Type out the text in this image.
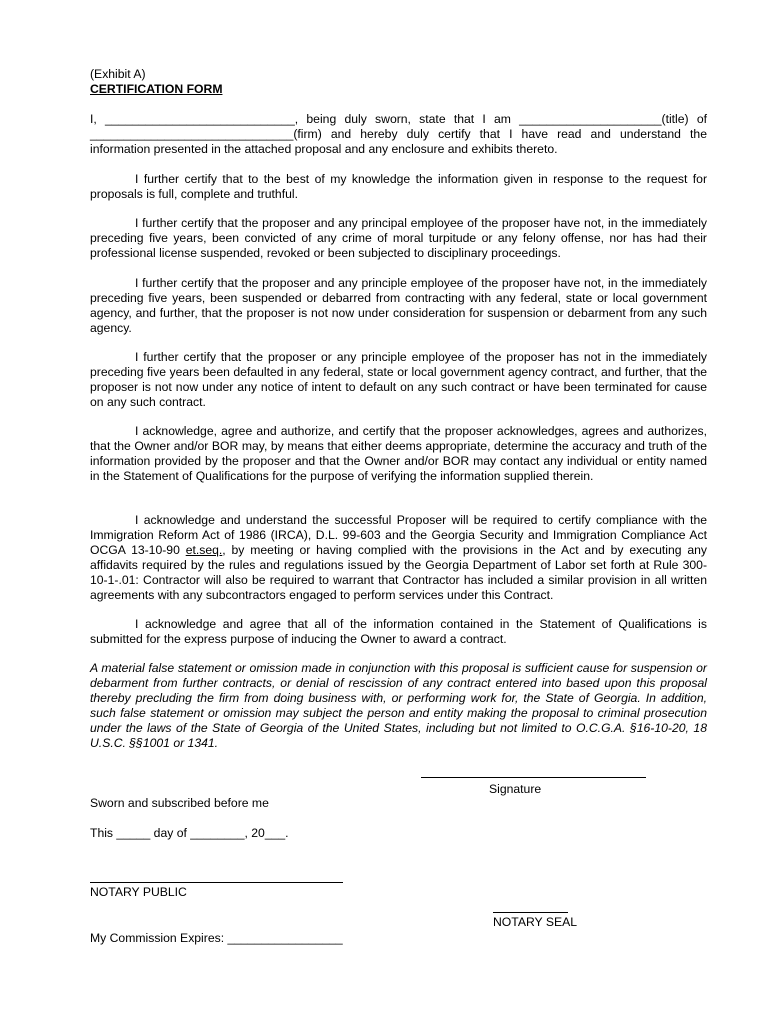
(Exhibit A)
CERTIFICATION FORM

I, ____________________________, being duly sworn, state that I am _____________________(title) of ______________________________(firm) and hereby duly certify that I have read and understand the information presented in the attached proposal and any enclosure and exhibits thereto.

I further certify that to the best of my knowledge the information given in response to the request for proposals is full, complete and truthful.

I further certify that the proposer and any principal employee of the proposer have not, in the immediately preceding five years, been convicted of any crime of moral turpitude or any felony offense, nor has had their professional license suspended, revoked or been subjected to disciplinary proceedings.

I further certify that the proposer and any principle employee of the proposer have not, in the immediately preceding five years, been suspended or debarred from contracting with any federal, state or local government agency, and further, that the proposer is not now under consideration for suspension or debarment from any such agency.

I further certify that the proposer or any principle employee of the proposer has not in the immediately preceding five years been defaulted in any federal, state or local government agency contract, and further, that the proposer is not now under any notice of intent to default on any such contract or have been terminated for cause on any such contract.

I acknowledge, agree and authorize, and certify that the proposer acknowledges, agrees and authorizes, that the Owner and/or BOR may, by means that either deems appropriate, determine the accuracy and truth of the information provided by the proposer and that the Owner and/or BOR may contact any individual or entity named in the Statement of Qualifications for the purpose of verifying the information supplied therein.

I acknowledge and understand the successful Proposer will be required to certify compliance with the Immigration Reform Act of 1986 (IRCA), D.L. 99-603 and the Georgia Security and Immigration Compliance Act OCGA 13-10-90 et.seq., by meeting or having complied with the provisions in the Act and by executing any affidavits required by the rules and regulations issued by the Georgia Department of Labor set forth at Rule 300-10-1-.01: Contractor will also be required to warrant that Contractor has included a similar provision in all written agreements with any subcontractors engaged to perform services under this Contract.

I acknowledge and agree that all of the information contained in the Statement of Qualifications is submitted for the express purpose of inducing the Owner to award a contract.

A material false statement or omission made in conjunction with this proposal is sufficient cause for suspension or debarment from further contracts, or denial of rescission of any contract entered into based upon this proposal thereby precluding the firm from doing business with, or performing work for, the State of Georgia. In addition, such false statement or omission may subject the person and entity making the proposal to criminal prosecution under the laws of the State of Georgia of the United States, including but not limited to O.C.G.A. §16-10-20, 18 U.S.C. §§1001 or 1341.

Signature
Sworn and subscribed before me
This _____ day of ________, 20___.
NOTARY PUBLIC
NOTARY SEAL
My Commission Expires: _________________
